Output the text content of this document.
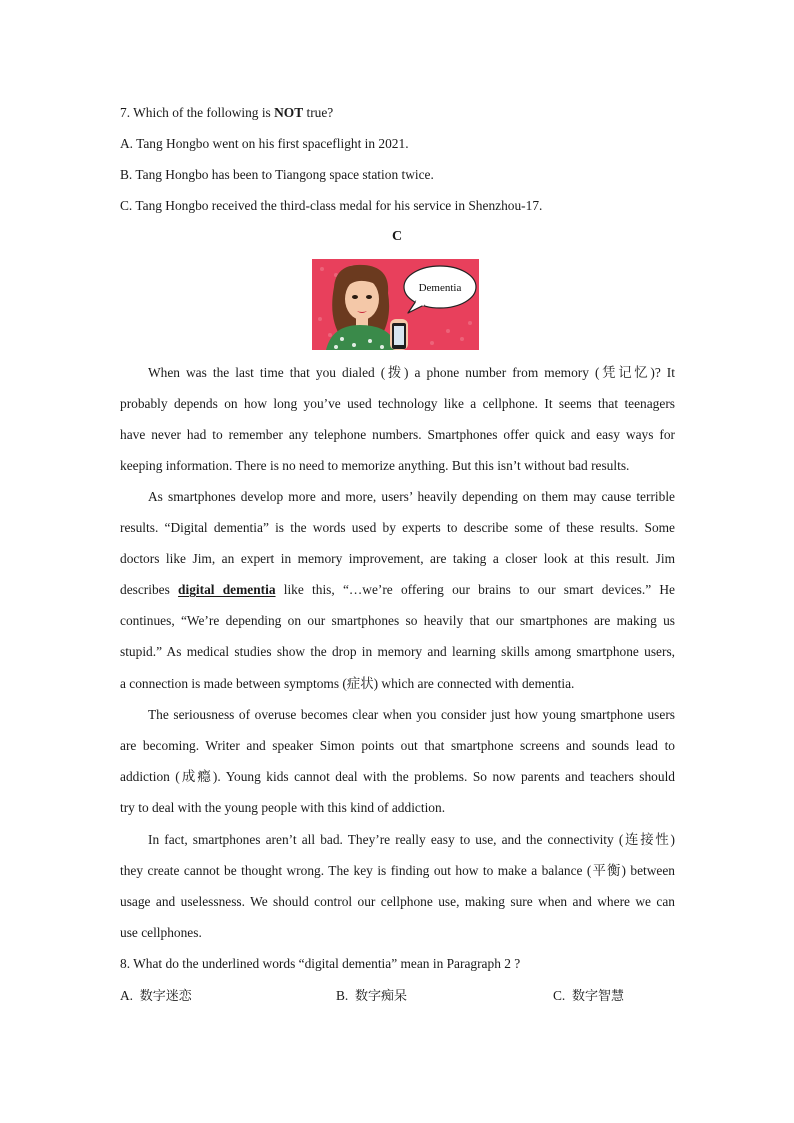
7. Which of the following is NOT true?
A. Tang Hongbo went on his first spaceflight in 2021.
B. Tang Hongbo has been to Tiangong space station twice.
C. Tang Hongbo received the third-class medal for his service in Shenzhou-17.
C
Dementia
When was the last time that you dialed (拨) a phone number from memory (凭记忆)? It
probably depends on how long you’ve used technology like a cellphone. It seems that teenagers
have never had to remember any telephone numbers. Smartphones offer quick and easy ways for
keeping information. There is no need to memorize anything. But this isn’t without bad results.
As smartphones develop more and more, users’ heavily depending on them may cause terrible
results. “Digital dementia” is the words used by experts to describe some of these results. Some
doctors like Jim, an expert in memory improvement, are taking a closer look at this result. Jim
describes digital dementia like this, “…we’re offering our brains to our smart devices.” He
continues, “We’re depending on our smartphones so heavily that our smartphones are making us
stupid.” As medical studies show the drop in memory and learning skills among smartphone users,
a connection is made between symptoms (症状) which are connected with dementia.
The seriousness of overuse becomes clear when you consider just how young smartphone users
are becoming. Writer and speaker Simon points out that smartphone screens and sounds lead to
addiction (成瘾). Young kids cannot deal with the problems. So now parents and teachers should
try to deal with the young people with this kind of addiction.
In fact, smartphones aren’t all bad. They’re really easy to use, and the connectivity (连接性)
they create cannot be thought wrong. The key is finding out how to make a balance (平衡) between
usage and uselessness. We should control our cellphone use, making sure when and where we can
use cellphones.
8. What do the underlined words “digital dementia” mean in Paragraph 2 ?
A. 数字迷恋	B. 数字痴呆	C. 数字智慧
